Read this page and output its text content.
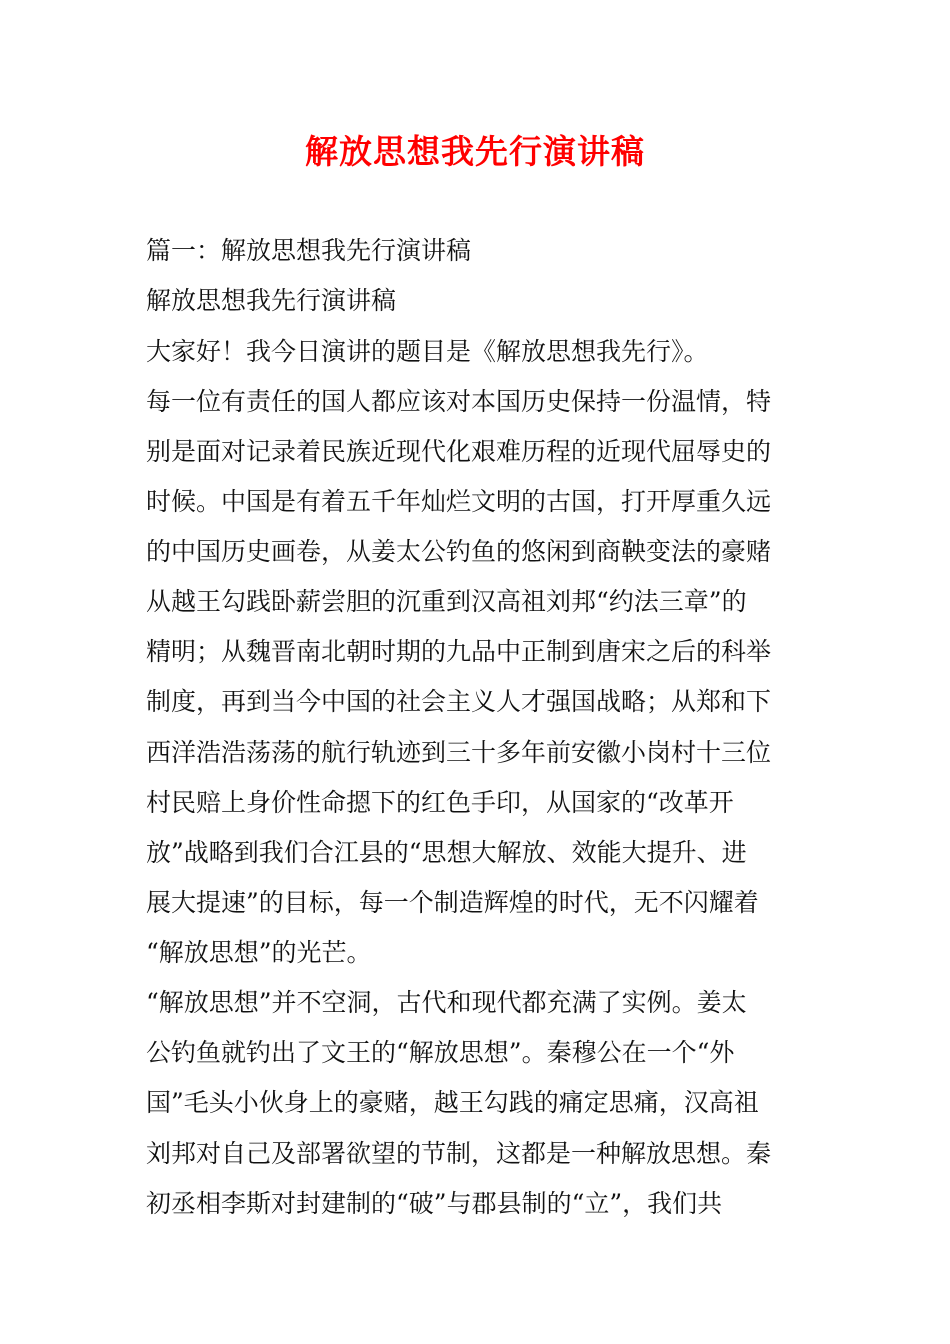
解放思想我先行演讲稿
篇一：解放思想我先行演讲稿
解放思想我先行演讲稿
大家好！我今日演讲的题目是《解放思想我先行》。
每一位有责任的国人都应该对本国历史保持一份温情，特
别是面对记录着民族近现代化艰难历程的近现代屈辱史的
时候。中国是有着五千年灿烂文明的古国，打开厚重久远
的中国历史画卷，从姜太公钓鱼的悠闲到商鞅变法的豪赌
从越王勾践卧薪尝胆的沉重到汉高祖刘邦“约法三章”的
精明；从魏晋南北朝时期的九品中正制到唐宋之后的科举
制度，再到当今中国的社会主义人才强国战略；从郑和下
西洋浩浩荡荡的航行轨迹到三十多年前安徽小岗村十三位
村民赔上身价性命摁下的红色手印，从国家的“改革开
放”战略到我们合江县的“思想大解放、效能大提升、进
展大提速”的目标，每一个制造辉煌的时代，无不闪耀着
“解放思想”的光芒。
“解放思想”并不空洞，古代和现代都充满了实例。姜太
公钓鱼就钓出了文王的“解放思想”。秦穆公在一个“外
国”毛头小伙身上的豪赌，越王勾践的痛定思痛，汉高祖
刘邦对自己及部署欲望的节制，这都是一种解放思想。秦
初丞相李斯对封建制的“破”与郡县制的“立”，我们共
